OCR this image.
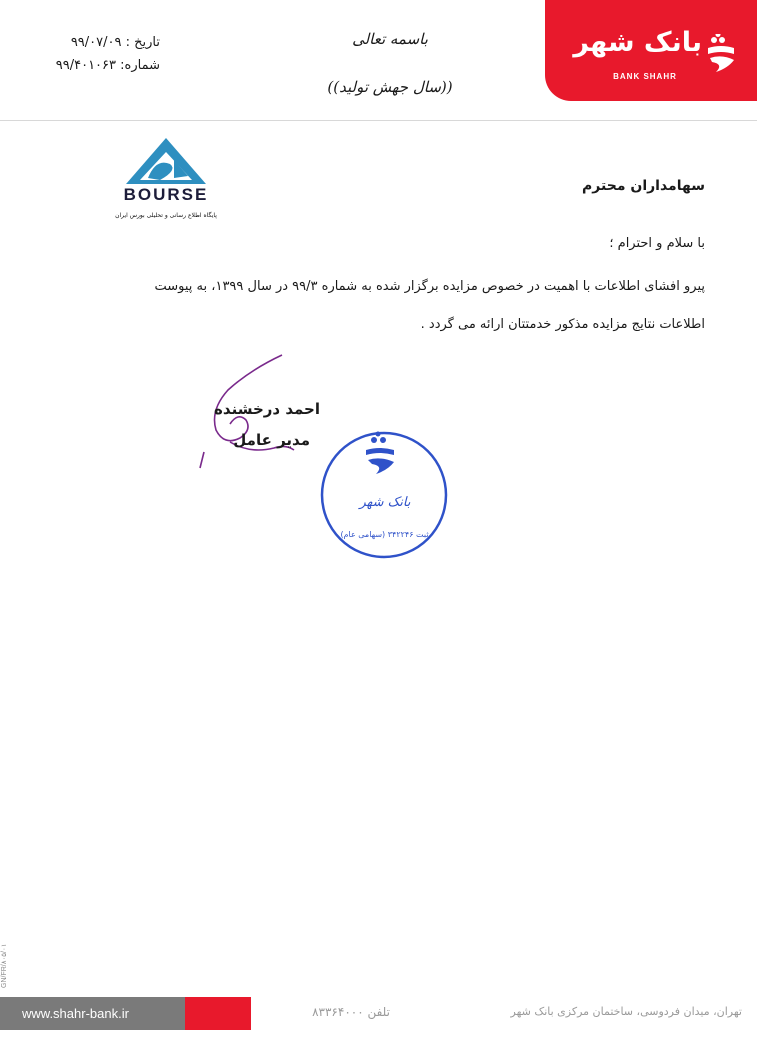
بانک شهر
BANK SHAHR
باسمه تعالی
((سال جهش تولید))
تاریخ : ۹۹/۰۷/۰۹
شماره: ۹۹/۴۰۱۰۶۳
BOURSE
پایگاه اطلاع رسانی و تحلیلی بورس ایران
سهامداران محترم
با سلام و احترام ؛
پیرو افشای اطلاعات با اهمیت در خصوص مزایده برگزار شده به شماره ۹۹/۳ در سال ۱۳۹۹، به پیوست
اطلاعات نتایج مزایده مذکور خدمتتان ارائه می گردد .
احمد درخشنده
مدیر عامل
بانک شهر
ثبت ۳۴۲۲۴۶ (سهامی عام)
GN/FR/۸۰۵/۰۱
www.shahr-bank.ir	تلفن ۸۳۳۶۴۰۰۰	تهران، میدان فردوسی، ساختمان مرکزی بانک شهر
